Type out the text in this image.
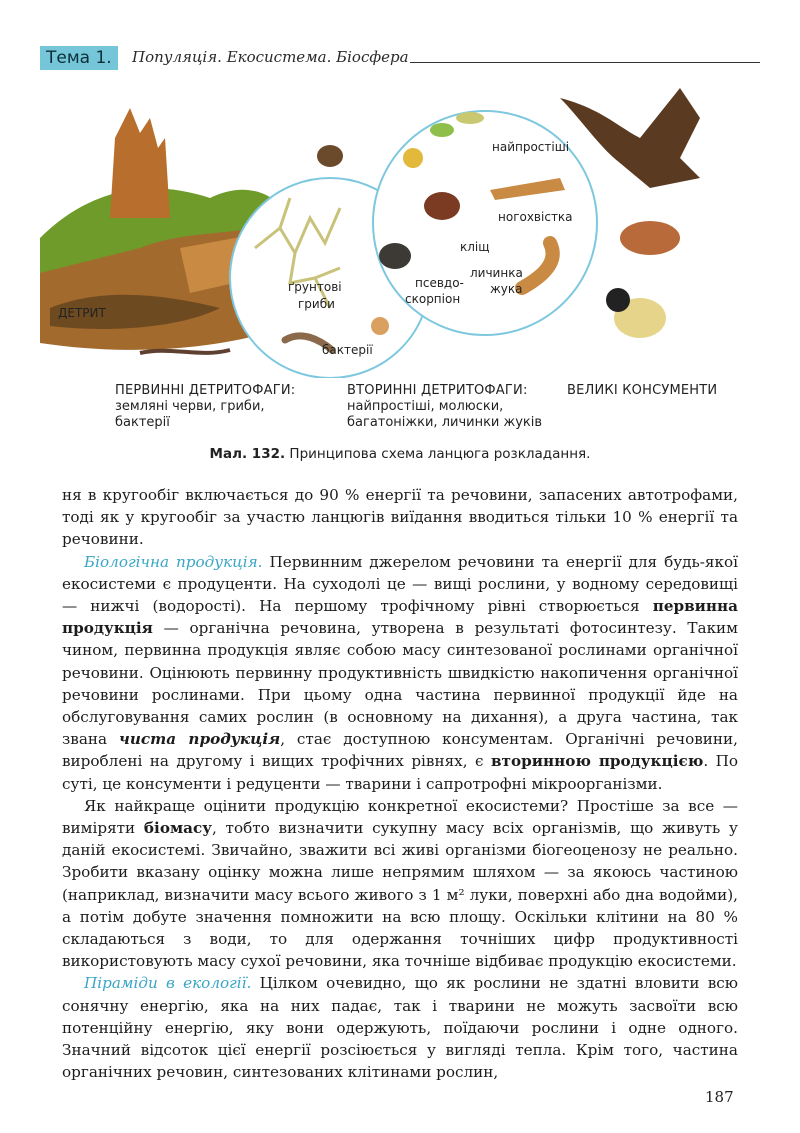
Тема 1.	Популяція. Екосистема. Біосфера
ДЕТРИТ
ґрунтові
гриби
бактерії
найпростіші
ногохвістка
кліщ
личинка
жука
псевдо-
скорпіон
ПЕРВИННІ ДЕТРИТОФАГИ:
земляні черви, гриби,
бактерії
ВТОРИННІ ДЕТРИТОФАГИ:
найпростіші, молюски,
багатоніжки, личинки жуків
ВЕЛИКІ КОНСУМЕНТИ
Мал. 132. Принципова схема ланцюга розкладання.

ня в кругообіг включається до 90 % енергії та речовини, запасених автотрофами, тоді як у кругообіг за участю ланцюгів виїдання вводиться тільки 10 % енергії та речовини.

Біологічна продукція. Первинним джерелом речовини та енергії для будь-якої екосистеми є продуценти. На суходолі це — вищі рослини, у водному середовищі — нижчі (водорості). На першому трофічному рівні створюється первинна продукція — органічна речовина, утворена в результаті фотосинтезу. Таким чином, первинна продукція являє собою масу синтезованої рослинами органічної речовини. Оцінюють первинну продуктивність швидкістю накопичення органічної речовини рослинами. При цьому одна частина первинної продукції йде на обслуговування самих рослин (в основному на дихання), а друга частина, так звана чиста продукція, стає доступною консументам. Органічні речовини, вироблені на другому і вищих трофічних рівнях, є вторинною продукцією. По суті, це консументи і редуценти — тварини і сапротрофні мікроорганізми.

Як найкраще оцінити продукцію конкретної екосистеми? Простіше за все — виміряти біомасу, тобто визначити сукупну масу всіх організмів, що живуть у даній екосистемі. Звичайно, зважити всі живі організми біогеоценозу не реально. Зробити вказану оцінку можна лише непрямим шляхом — за якоюсь частиною (наприклад, визначити масу всього живого з 1 м² луки, поверхні або дна водойми), а потім добуте значення помножити на всю площу. Оскільки клітини на 80 % складаються з води, то для одержання точніших цифр продуктивності використовують масу сухої речовини, яка точніше відбиває продукцію екосистеми.

Піраміди в екології. Цілком очевидно, що як рослини не здатні вловити всю сонячну енергію, яка на них падає, так і тварини не можуть засвоїти всю потенційну енергію, яку вони одержують, поїдаючи рослини і одне одного. Значний відсоток цієї енергії розсіюється у вигляді тепла. Крім того, частина органічних речовин, синтезованих клітинами рослин,

187
